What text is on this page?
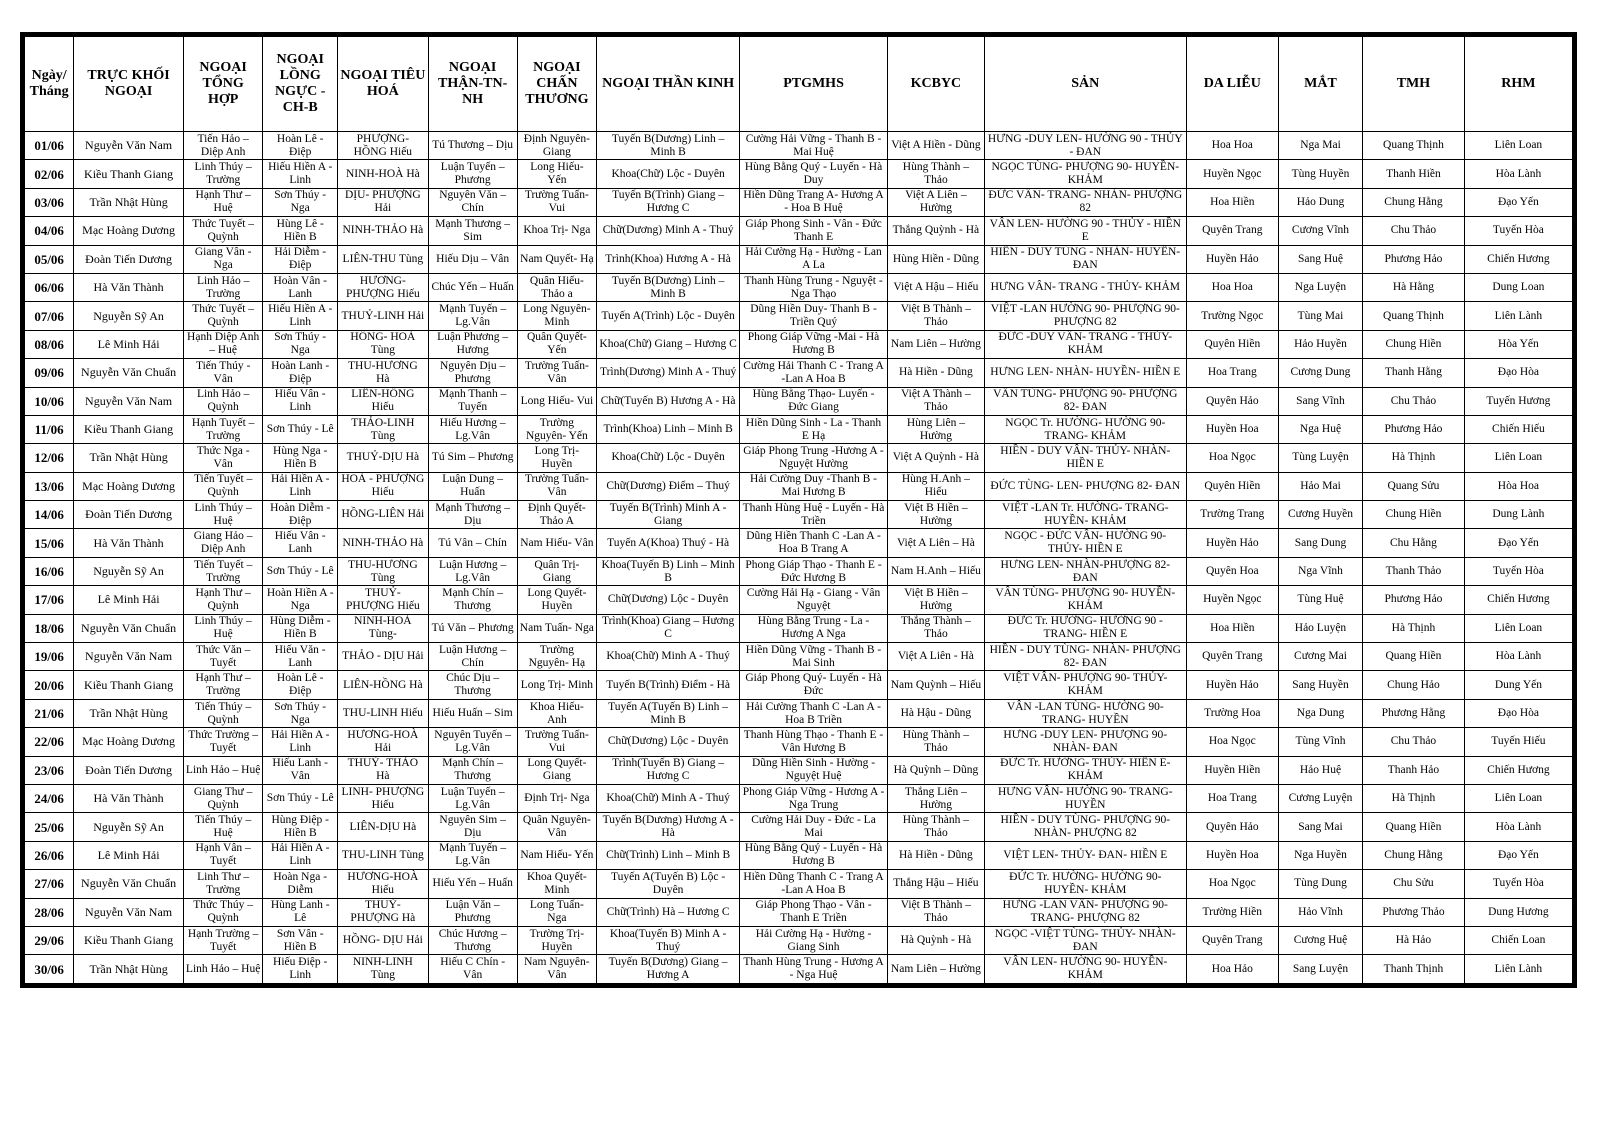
Ngày/ Tháng	TRỰC KHỐI NGOẠI	NGOẠI TỔNG HỢP	NGOẠI LỒNG NGỰC -CH-B	NGOẠI TIÊU HOÁ	NGOẠI THẬN-TN-NH	NGOẠI CHẤN THƯƠNG	NGOẠI THẦN KINH	PTGMHS	KCBYC	SẢN	DA LIỄU	MẮT	TMH	RHM
01/06	Nguyễn Văn Nam	Tiến Hảo – Diệp Anh	Hoàn Lê - Điệp	PHƯỢNG- HỒNG Hiếu	Tú Thương – Dịu	Định Nguyên- Giang	Tuyến B(Dương) Linh – Minh B	Cường Hải Vững - Thanh B - Mai Huệ	Việt A Hiền - Dũng	HƯNG -DUY LEN- HƯỜNG 90 - THỦY - ĐAN	Hoa Hoa	Nga Mai	Quang Thịnh	Liên Loan
02/06	Kiều Thanh Giang	Linh Thúy – Trường	Hiếu Hiền A - Linh	NINH-HOÀ Hà	Luận Tuyến – Phương	Long Hiếu- Yến	Khoa(Chữ) Lộc - Duyên	Hùng Bằng Quý - Luyến - Hà Duy	Hùng Thành – Thảo	NGỌC TÙNG- PHƯỢNG 90- HUYỀN- KHẢM	Huyền Ngọc	Tùng Huyền	Thanh Hiền	Hòa Lành
03/06	Trần Nhật Hùng	Hạnh Thư – Huệ	Sơn Thúy - Nga	DỊU- PHƯỢNG Hải	Nguyên Văn – Chín	Trường Tuấn- Vui	Tuyến B(Trình) Giang – Hương C	Hiền Dũng Trang A- Hương A - Hoa B Huệ	Việt A Liên – Hường	ĐỨC VÂN- TRANG- NHÀN- PHƯỢNG 82	Hoa Hiền	Hảo Dung	Chung Hằng	Đạo Yến
04/06	Mạc Hoàng Dương	Thức Tuyết – Quỳnh	Hùng Lê - Hiền B	NINH-THẢO Hà	Mạnh Thương – Sim	Khoa Trị- Nga	Chữ(Dương) Minh A - Thuý	Giáp Phong Sinh - Vân - Đức Thanh E	Thắng Quỳnh - Hà	VÂN LEN- HƯỜNG 90 - THỦY - HIỀN E	Quyên Trang	Cương Vĩnh	Chu Thảo	Tuyến Hòa
05/06	Đoàn Tiến Dương	Giang Vân - Nga	Hải Diễm - Điệp	LIÊN-THU Tùng	Hiếu Dịu – Vân	Nam Quyết- Hạ	Trình(Khoa) Hương A - Hà	Hải Cường Hạ - Hường - Lan A La	Hùng Hiền - Dũng	HIỀN - DUY TÙNG - NHÀN- HUYỀN- ĐAN	Huyền Hảo	Sang Huệ	Phương Hảo	Chiến Hương
06/06	Hà Văn Thành	Linh Hảo – Trường	Hoàn Vân - Lanh	HƯƠNG- PHƯỢNG Hiếu	Chúc Yến – Huấn	Quân Hiếu- Thảo a	Tuyến B(Dương) Linh – Minh B	Thanh Hùng Trung - Nguyệt - Nga Thạo	Việt A Hậu – Hiếu	HƯNG VÂN- TRANG - THỦY- KHẢM	Hoa Hoa	Nga Luyện	Hà Hằng	Dung Loan
07/06	Nguyễn Sỹ An	Thức Tuyết – Quỳnh	Hiếu Hiền A - Linh	THUỶ-LINH Hải	Mạnh Tuyến – Lg.Vân	Long Nguyên- Minh	Tuyến A(Trình) Lộc - Duyên	Dũng Hiền Duy- Thanh B - Triền Quý	Việt B Thành – Thảo	VIỆT -LAN HƯỜNG 90- PHƯỢNG 90- PHƯỢNG 82	Trường Ngọc	Tùng Mai	Quang Thịnh	Liên Lành
08/06	Lê Minh Hải	Hạnh Diệp Anh – Huệ	Sơn Thúy - Nga	HỒNG- HOÀ Tùng	Luận Phương – Hương	Quân Quyết- Yến	Khoa(Chữ) Giang – Hương C	Phong Giáp Vững -Mai - Hà Hương B	Nam Liên – Hường	ĐỨC -DUY VÂN- TRANG - THỦY- KHẢM	Quyên Hiền	Hảo Huyền	Chung Hiền	Hòa Yến
09/06	Nguyễn Văn Chuẩn	Tiến Thúy - Vân	Hoàn Lanh - Điệp	THU-HƯƠNG Hà	Nguyên Dịu – Phương	Trường Tuấn- Vân	Trình(Dương) Minh A - Thuý	Cường Hải Thanh C - Trang A -Lan A Hoa B	Hà Hiền - Dũng	HƯNG LEN- NHÀN- HUYỀN- HIỀN E	Hoa Trang	Cương Dung	Thanh Hằng	Đạo Hòa
10/06	Nguyễn Văn Nam	Linh Hảo – Quỳnh	Hiếu Vân - Linh	LIÊN-HỒNG Hiếu	Mạnh Thanh – Tuyến	Long Hiếu- Vui	Chữ(Tuyến B) Hương A - Hà	Hùng Bằng Thạo- Luyến - Đức Giang	Việt A Thành – Thảo	VÂN TÙNG- PHƯỢNG 90- PHƯỢNG 82- ĐAN	Quyên Hảo	Sang Vĩnh	Chu Thảo	Tuyến Hương
11/06	Kiều Thanh Giang	Hạnh Tuyết – Trường	Sơn Thúy - Lê	THẢO-LINH Tùng	Hiếu Hương – Lg.Vân	Trường Nguyên- Yến	Trình(Khoa) Linh – Minh B	Hiền Dũng Sinh - La - Thanh E Hạ	Hùng Liên – Hường	NGỌC Tr. HƯỜNG- HƯỜNG 90- TRANG- KHẢM	Huyền Hoa	Nga Huệ	Phương Hảo	Chiến Hiếu
12/06	Trần Nhật Hùng	Thức Nga - Vân	Hùng Nga - Hiền B	THUỶ-DỊU Hà	Tú Sim – Phương	Long Trị- Huyền	Khoa(Chữ) Lộc - Duyên	Giáp Phong Trung -Hương A - Nguyệt Hường	Việt A Quỳnh - Hà	HIỀN - DUY VÂN- THỦY- NHÀN- HIỀN E	Hoa Ngọc	Tùng Luyện	Hà Thịnh	Liên Loan
13/06	Mạc Hoàng Dương	Tiến Tuyết – Quỳnh	Hải Hiền A - Linh	HOÀ - PHƯỢNG Hiếu	Luận Dung – Huấn	Trường Tuấn- Vân	Chữ(Dương) Điểm – Thuý	Hải Cường Duy -Thanh B - Mai Hương B	Hùng H.Anh – Hiếu	ĐỨC TÙNG- LEN- PHƯỢNG 82- ĐAN	Quyên Hiền	Hảo Mai	Quang Sửu	Hòa Hoa
14/06	Đoàn Tiến Dương	Linh Thúy – Huệ	Hoàn Diễm - Điệp	HỒNG-LIÊN Hải	Mạnh Thương – Dịu	Định Quyết- Thảo A	Tuyến B(Trình) Minh A - Giang	Thanh Hùng Huệ - Luyến - Hà Triền	Việt B Hiền – Hường	VIỆT -LAN Tr. HƯỜNG- TRANG- HUYỀN- KHẢM	Trường Trang	Cương Huyền	Chung Hiền	Dung Lành
15/06	Hà Văn Thành	Giang Hảo – Diệp Anh	Hiếu Vân - Lanh	NINH-THẢO Hà	Tú Vân – Chín	Nam Hiếu- Vân	Tuyến A(Khoa) Thuý - Hà	Dũng Hiền Thanh C -Lan A - Hoa B Trang A	Việt A Liên – Hà	NGỌC - ĐỨC VÂN- HƯỜNG 90- THỦY- HIỀN E	Huyền Hảo	Sang Dung	Chu Hằng	Đạo Yến
16/06	Nguyễn Sỹ An	Tiến Tuyết – Trường	Sơn Thúy - Lê	THU-HƯƠNG Tùng	Luận Hương – Lg.Vân	Quân Trị- Giang	Khoa(Tuyến B) Linh – Minh B	Phong Giáp Thạo - Thanh E - Đức Hương B	Nam H.Anh – Hiếu	HƯNG LEN- NHÀN-PHƯỢNG 82- ĐAN	Quyên Hoa	Nga Vĩnh	Thanh Thảo	Tuyến Hòa
17/06	Lê Minh Hải	Hạnh Thư – Quỳnh	Hoàn Hiền A - Nga	THUỶ- PHƯỢNG Hiếu	Mạnh Chín – Thương	Long Quyết- Huyền	Chữ(Dương) Lộc - Duyên	Cường Hải Hạ - Giang - Vân Nguyệt	Việt B Hiền – Hường	VÂN TÙNG- PHƯỢNG 90- HUYỀN- KHẢM	Huyền Ngọc	Tùng Huệ	Phương Hảo	Chiến Hương
18/06	Nguyễn Văn Chuẩn	Linh Thúy – Huệ	Hùng Diễm - Hiền B	NINH-HOÀ Tùng-	Tú Văn – Phương	Nam Tuấn- Nga	Trình(Khoa) Giang – Hương C	Hùng Bằng Trung - La - Hương A Nga	Thắng Thành – Thảo	ĐỨC Tr. HƯỜNG- HƯỜNG 90 - TRANG- HIỀN E	Hoa Hiền	Hảo Luyện	Hà Thịnh	Liên Loan
19/06	Nguyễn Văn Nam	Thức Văn – Tuyết	Hiếu Văn - Lanh	THẢO - DỊU Hải	Luận Hương – Chín	Trường Nguyên- Hạ	Khoa(Chữ) Minh A - Thuý	Hiền Dũng Vững - Thanh B - Mai Sinh	Việt A Liên - Hà	HIỀN - DUY TÙNG- NHÀN- PHƯỢNG 82- ĐAN	Quyên Trang	Cương Mai	Quang Hiền	Hòa Lành
20/06	Kiều Thanh Giang	Hạnh Thư – Trường	Hoàn Lê - Điệp	LIÊN-HỒNG Hà	Chúc Dịu – Thương	Long Trị- Minh	Tuyến B(Trình) Điểm - Hà	Giáp Phong Quý- Luyến - Hà Đức	Nam Quỳnh – Hiếu	VIỆT VÂN- PHƯỢNG 90- THỦY- KHẢM	Huyền Hảo	Sang Huyền	Chung Hảo	Dung Yến
21/06	Trần Nhật Hùng	Tiến Thúy – Quỳnh	Sơn Thúy - Nga	THU-LINH Hiếu	Hiếu Huấn – Sim	Khoa Hiếu- Anh	Tuyến A(Tuyến B) Linh – Minh B	Hải Cường Thanh C -Lan A - Hoa B Triền	Hà Hậu - Dũng	VÂN -LAN TÙNG- HƯỜNG 90- TRANG- HUYỀN	Trường Hoa	Nga Dung	Phương Hằng	Đạo Hòa
22/06	Mạc Hoàng Dương	Thức Trường – Tuyết	Hải Hiền A - Linh	HƯƠNG-HOÀ Hải	Nguyên Tuyến – Lg.Vân	Trường Tuấn- Vui	Chữ(Dương) Lộc - Duyên	Thanh Hùng Thạo - Thanh E - Vân Hương B	Hùng Thành – Thảo	HƯNG -DUY LEN- PHƯỢNG 90- NHÀN- ĐAN	Hoa Ngọc	Tùng Vĩnh	Chu Thảo	Tuyến Hiếu
23/06	Đoàn Tiến Dương	Linh Hảo – Huệ	Hiếu Lanh - Vân	THUỶ- THẢO Hà	Mạnh Chín – Thương	Long Quyết- Giang	Trình(Tuyến B) Giang – Hương C	Dũng Hiền Sinh - Hường - Nguyệt Huệ	Hà Quỳnh – Dũng	ĐỨC Tr. HƯỜNG- THỦY- HIỀN E- KHẢM	Huyền Hiền	Hảo Huệ	Thanh Hảo	Chiến Hương
24/06	Hà Văn Thành	Giang Thư – Quỳnh	Sơn Thúy - Lê	LINH- PHƯỢNG Hiếu	Luận Tuyến – Lg.Vân	Định Trị- Nga	Khoa(Chữ) Minh A - Thuý	Phong Giáp Vững - Hương A - Nga Trung	Thắng Liên – Hường	HƯNG VÂN- HƯỜNG 90- TRANG- HUYỀN	Hoa Trang	Cương Luyện	Hà Thịnh	Liên Loan
25/06	Nguyễn Sỹ An	Tiến Thúy – Huệ	Hùng Điệp - Hiền B	LIÊN-DỊU Hà	Nguyên Sim – Dịu	Quân Nguyên- Vân	Tuyến B(Dương) Hương A - Hà	Cường Hải Duy - Đức - La Mai	Hùng Thành – Thảo	HIỀN - DUY TÙNG- PHƯỢNG 90- NHÀN- PHƯỢNG 82	Quyên Hảo	Sang Mai	Quang Hiền	Hòa Lành
26/06	Lê Minh Hải	Hạnh Vân – Tuyết	Hải Hiền A - Linh	THU-LINH Tùng	Mạnh Tuyến – Lg.Vân	Nam Hiếu- Yến	Chữ(Trình) Linh – Minh B	Hùng Bằng Quý - Luyến - Hà Hương B	Hà Hiền - Dũng	VIỆT LEN- THỦY- ĐAN- HIỀN E	Huyền Hoa	Nga Huyền	Chung Hằng	Đạo Yến
27/06	Nguyễn Văn Chuẩn	Linh Thư – Trường	Hoàn Nga - Diễm	HƯƠNG-HOÀ Hiếu	Hiếu Yến – Huấn	Khoa Quyết- Minh	Tuyến A(Tuyến B) Lộc - Duyên	Hiền Dũng Thanh C - Trang A -Lan A Hoa B	Thắng Hậu – Hiếu	ĐỨC Tr. HƯỜNG- HƯỜNG 90- HUYỀN- KHẢM	Hoa Ngọc	Tùng Dung	Chu Sửu	Tuyến Hòa
28/06	Nguyễn Văn Nam	Thức Thúy – Quỳnh	Hùng Lanh - Lê	THUỶ- PHƯỢNG Hà	Luận Văn – Phương	Long Tuấn- Nga	Chữ(Trình) Hà – Hương C	Giáp Phong Thạo - Vân - Thanh E Triền	Việt B Thành – Thảo	HƯNG -LAN VÂN- PHƯỢNG 90- TRANG- PHƯỢNG 82	Trường Hiền	Hảo Vĩnh	Phương Thảo	Dung Hương
29/06	Kiều Thanh Giang	Hạnh Trường – Tuyết	Sơn Vân - Hiền B	HỒNG- DỊU Hải	Chúc Hương – Thương	Trường Trị- Huyền	Khoa(Tuyến B) Minh A - Thuý	Hải Cường Hạ - Hường - Giang Sinh	Hà Quỳnh - Hà	NGỌC -VIỆT TÙNG- THỦY- NHÀN- ĐAN	Quyên Trang	Cương Huệ	Hà Hảo	Chiến Loan
30/06	Trần Nhật Hùng	Linh Hảo – Huệ	Hiếu Điệp - Linh	NINH-LINH Tùng	Hiếu C Chín - Vân	Nam Nguyên- Vân	Tuyến B(Dương) Giang – Hương A	Thanh Hùng Trung - Hương A - Nga Huệ	Nam Liên – Hường	VÂN LEN- HƯỜNG 90- HUYỀN- KHẢM	Hoa Hảo	Sang Luyện	Thanh Thịnh	Liên Lành
